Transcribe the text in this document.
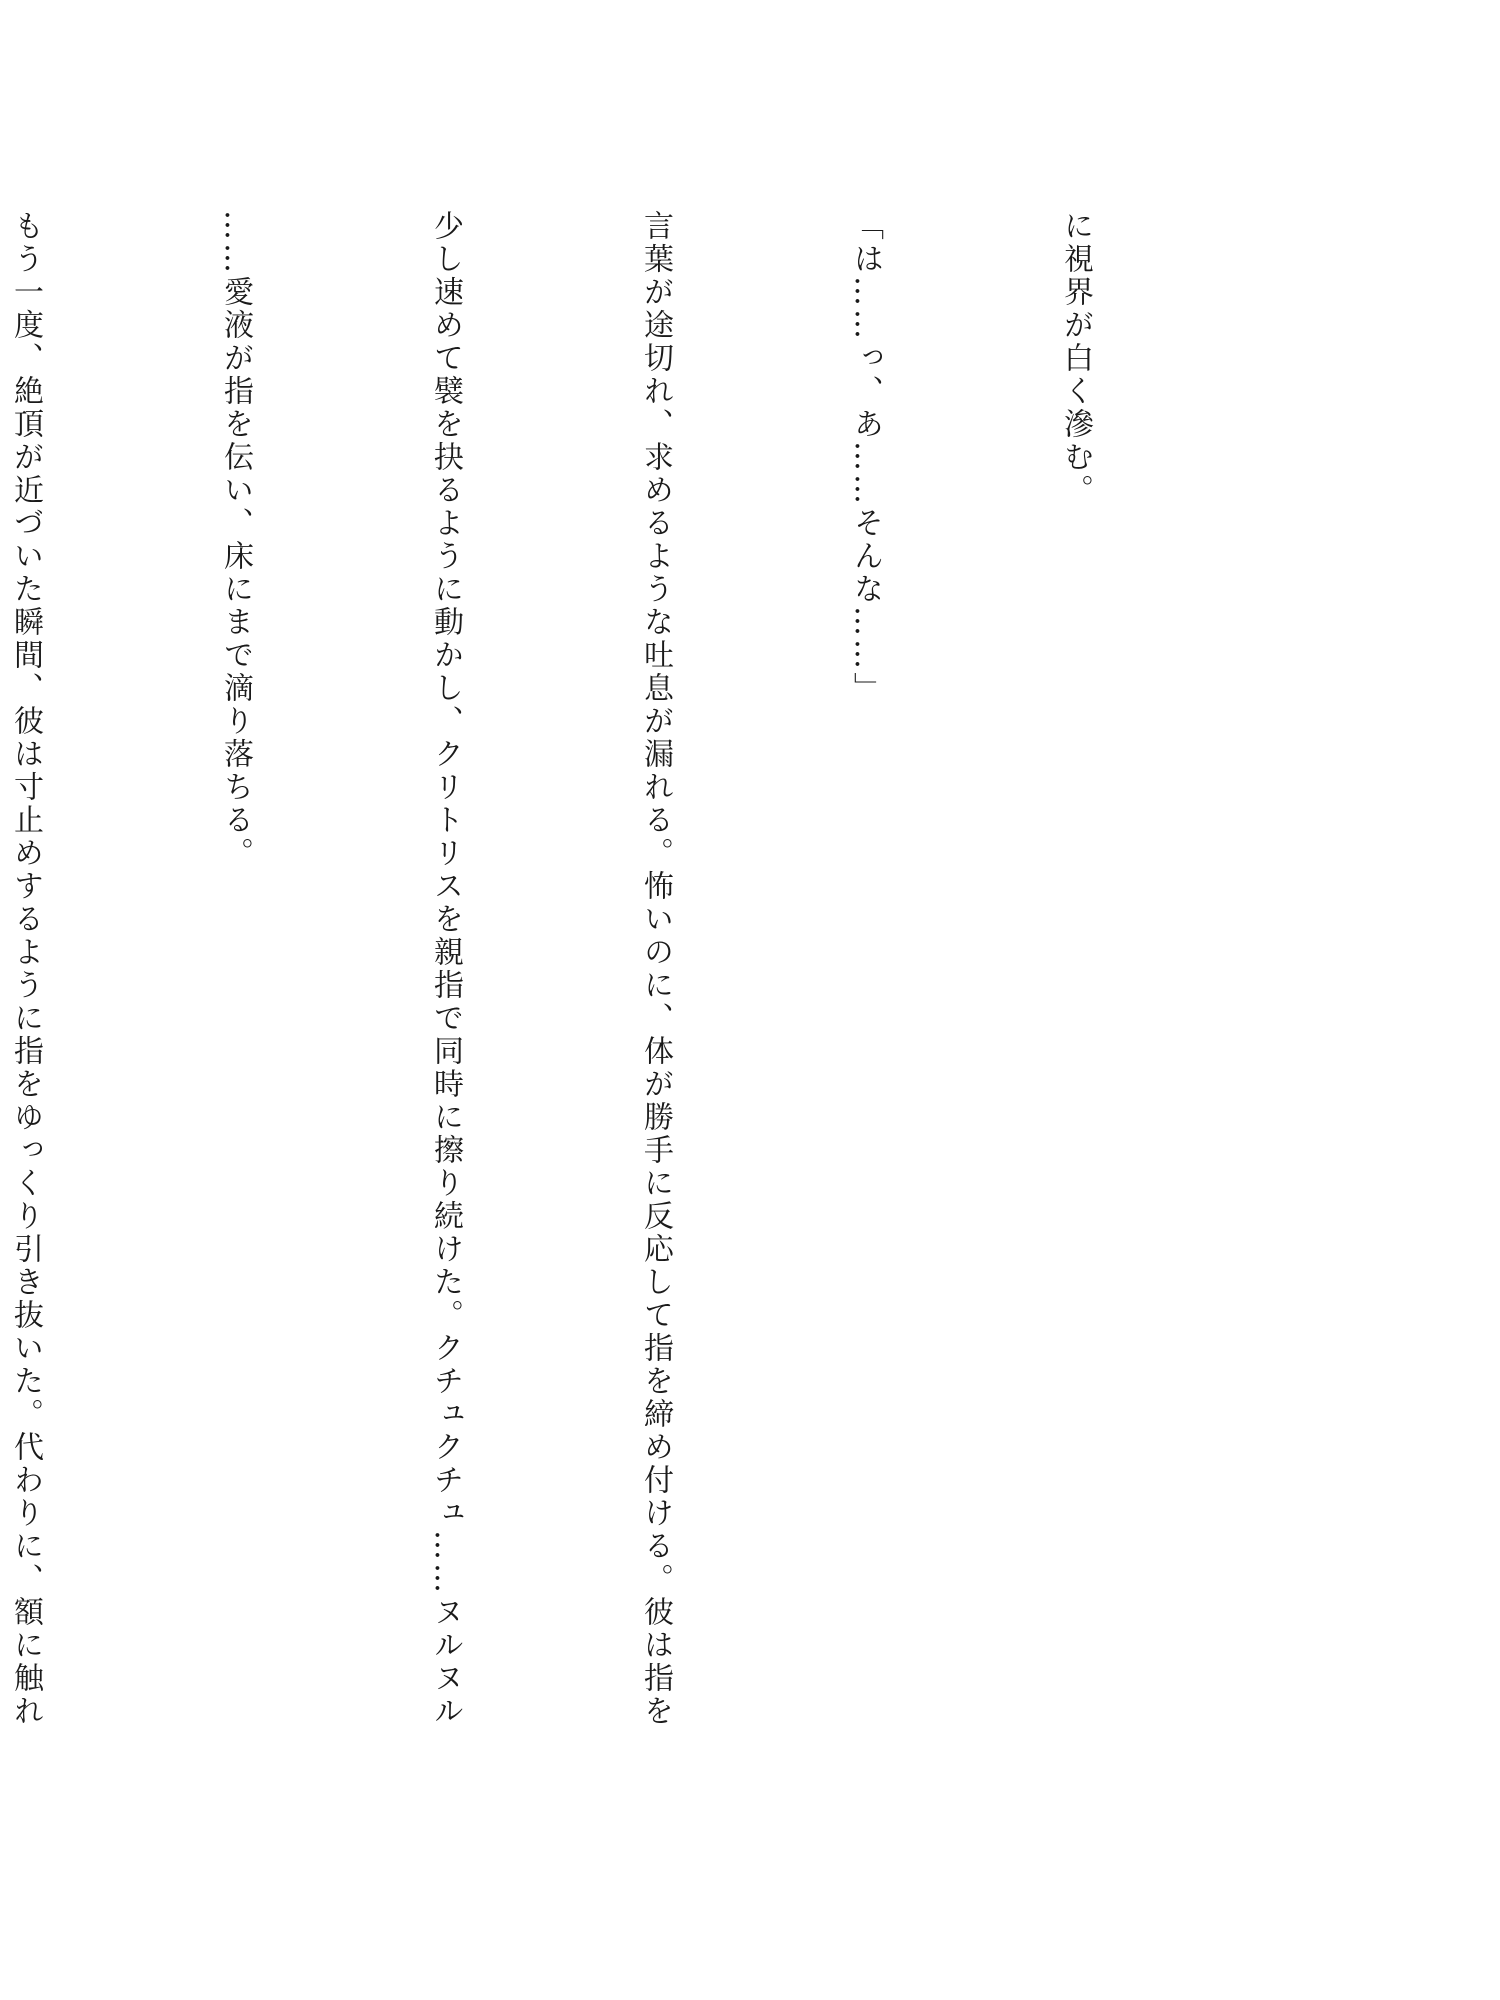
に視界が白く滲む。

「は……っ、あ……そんな……」

言葉が途切れ、求めるような吐息が漏れる。怖いのに、体が勝手に反応して指を締め付ける。彼は指を

少し速めて襞を抉るように動かし、クリトリスを親指で同時に擦り続けた。クチュクチュ……ヌルヌル

……愛液が指を伝い、床にまで滴り落ちる。

もう一度、絶頂が近づいた瞬間、彼は寸止めするように指をゆっくり引き抜いた。代わりに、額に触れ
